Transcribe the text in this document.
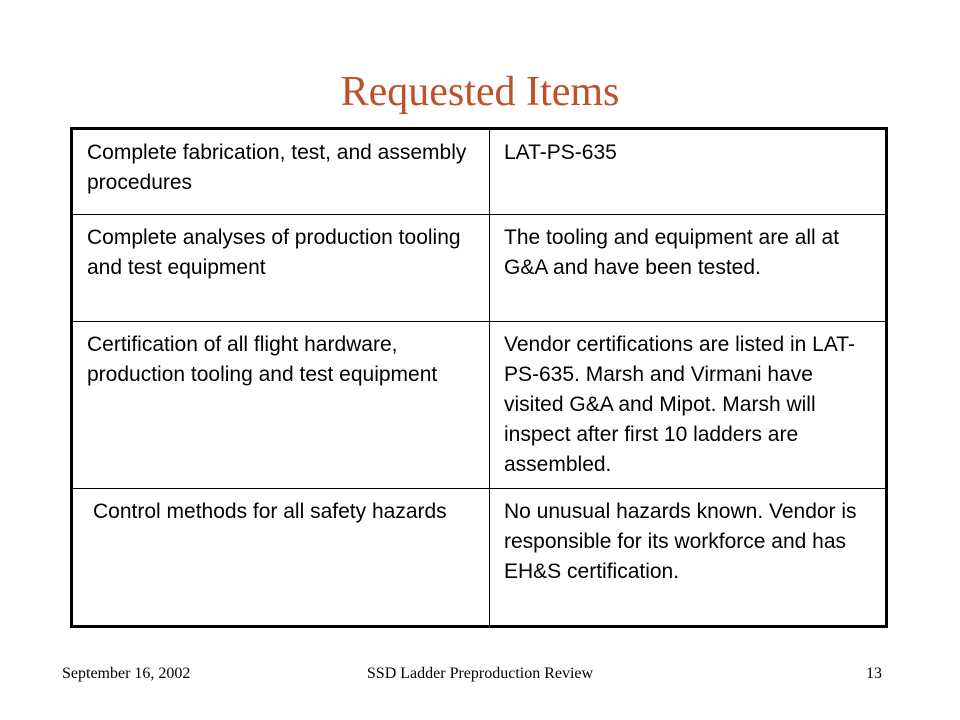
Requested Items
Complete fabrication, test, and assembly procedures	LAT-PS-635
Complete analyses of production tooling and test equipment	The tooling and equipment are all at G&A and have been tested.
Certification of all flight hardware, production tooling and test equipment	Vendor certifications are listed in LAT-PS-635. Marsh and Virmani have visited G&A and Mipot. Marsh will inspect after first 10 ladders are assembled.
Control methods for all safety hazards	No unusual hazards known. Vendor is responsible for its workforce and has EH&S certification.
September 16, 2002	SSD Ladder Preproduction Review	13
